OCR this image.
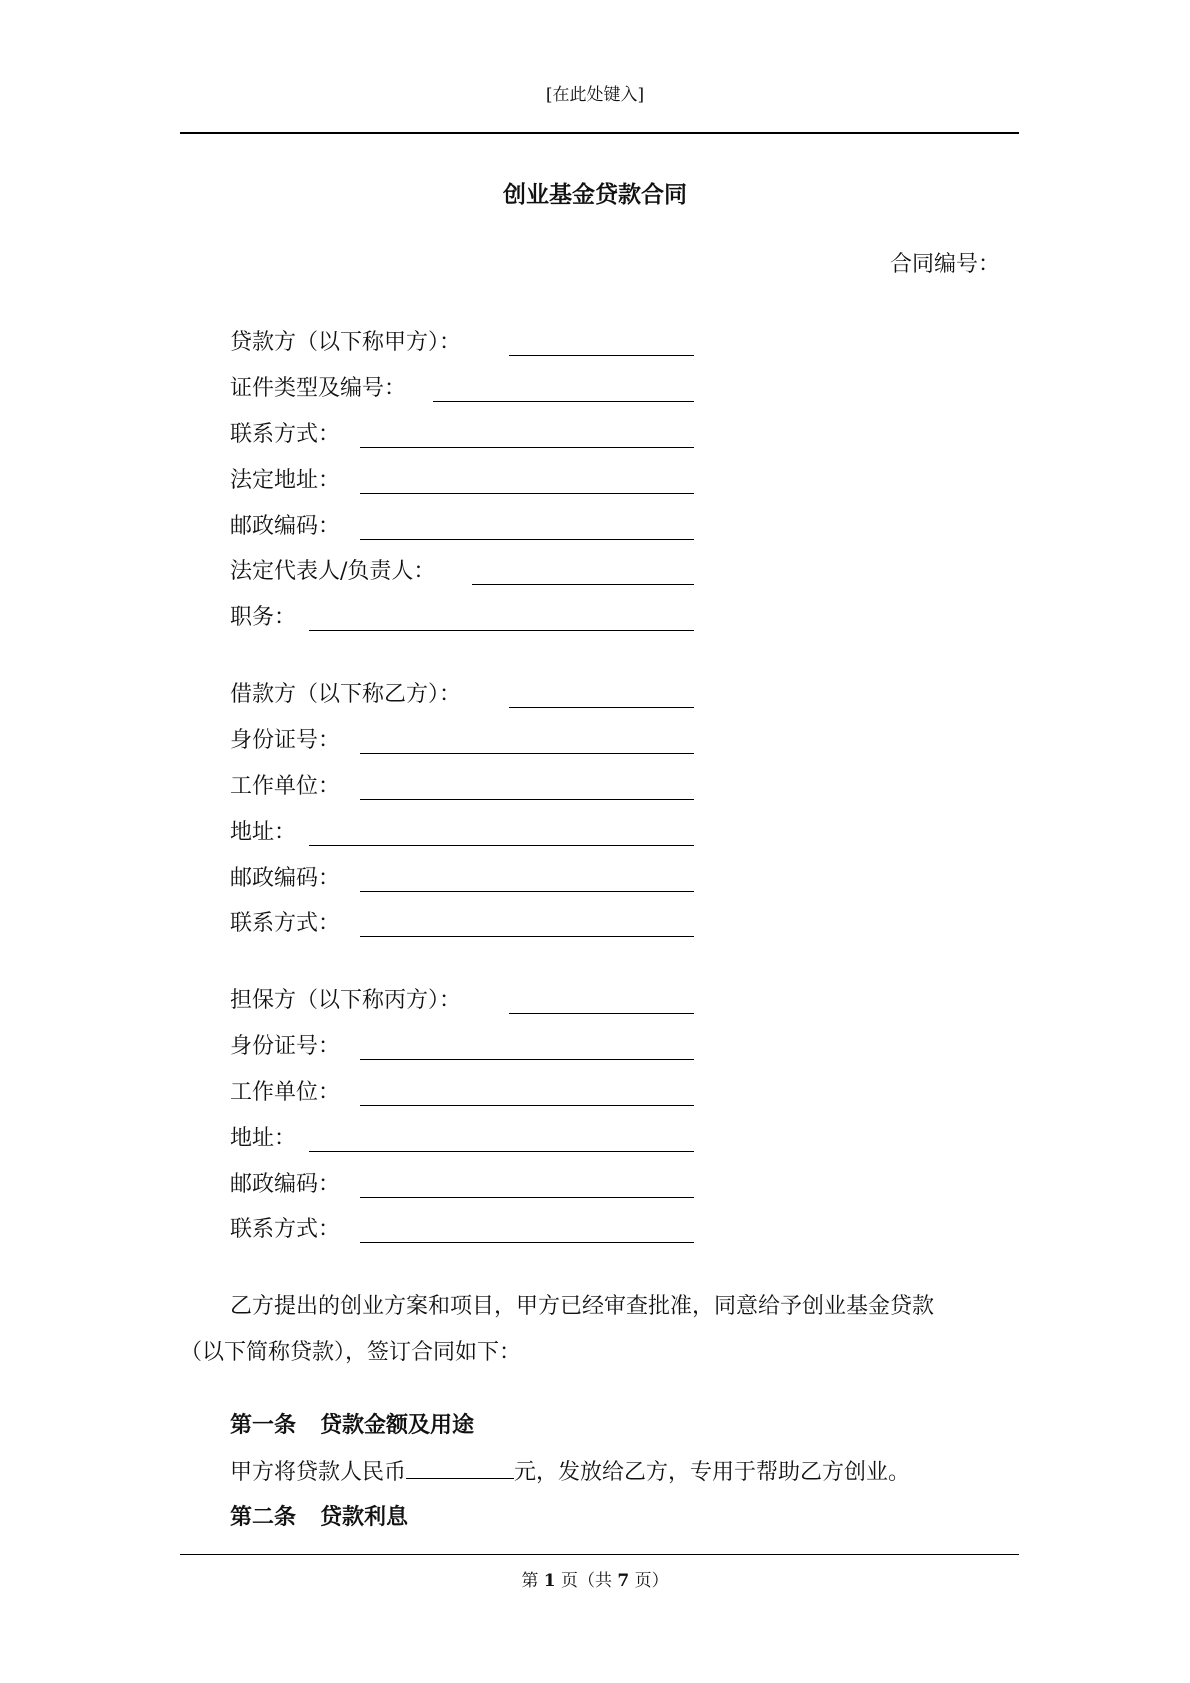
[在此处键入]
创业基金贷款合同
合同编号：
贷款方（以下称甲方）：
证件类型及编号：
联系方式：
法定地址：
邮政编码：
法定代表人/负责人：
职务：
借款方（以下称乙方）：
身份证号：
工作单位：
地址：
邮政编码：
联系方式：
担保方（以下称丙方）：
身份证号：
工作单位：
地址：
邮政编码：
联系方式：
乙方提出的创业方案和项目，甲方已经审查批准，同意给予创业基金贷款
（以下简称贷款），签订合同如下：
第一条 贷款金额及用途
甲方将贷款人民币	元，发放给乙方，专用于帮助乙方创业。
第二条 贷款利息
第 1 页（共 7 页）
